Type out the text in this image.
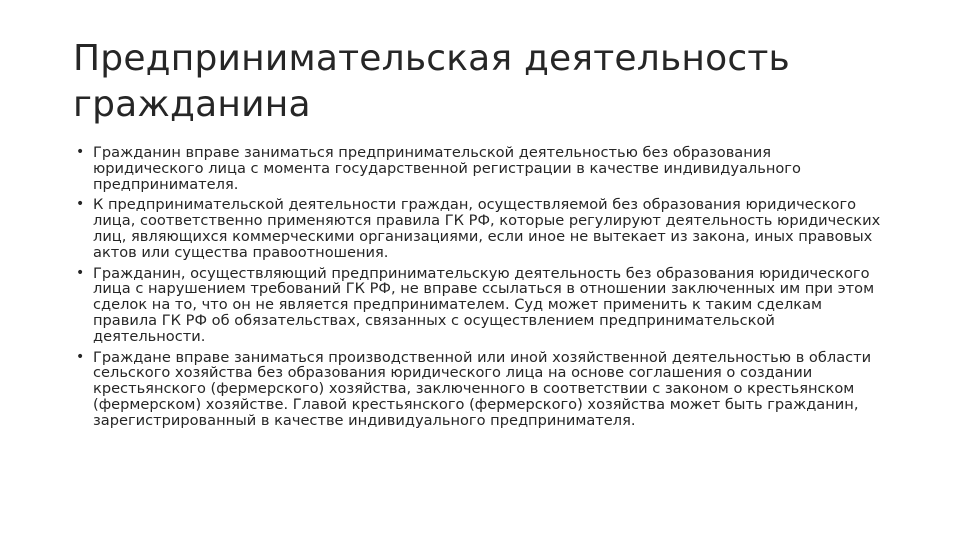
Предпринимательская деятельность гражданина
• Гражданин вправе заниматься предпринимательской деятельностью без образования юридического лица с момента государственной регистрации в качестве индивидуального предпринимателя.
• К предпринимательской деятельности граждан, осуществляемой без образования юридического лица, соответственно применяются правила ГК РФ, которые регулируют деятельность юридических лиц, являющихся коммерческими организациями, если иное не вытекает из закона, иных правовых актов или существа правоотношения.
• Гражданин, осуществляющий предпринимательскую деятельность без образования юридического лица с нарушением требований ГК РФ, не вправе ссылаться в отношении заключенных им при этом сделок на то, что он не является предпринимателем. Суд может применить к таким сделкам правила ГК РФ об обязательствах, связанных с осуществлением предпринимательской деятельности.
• Граждане вправе заниматься производственной или иной хозяйственной деятельностью в области сельского хозяйства без образования юридического лица на основе соглашения о создании крестьянского (фермерского) хозяйства, заключенного в соответствии с законом о крестьянском (фермерском) хозяйстве. Главой крестьянского (фермерского) хозяйства может быть гражданин, зарегистрированный в качестве индивидуального предпринимателя.
